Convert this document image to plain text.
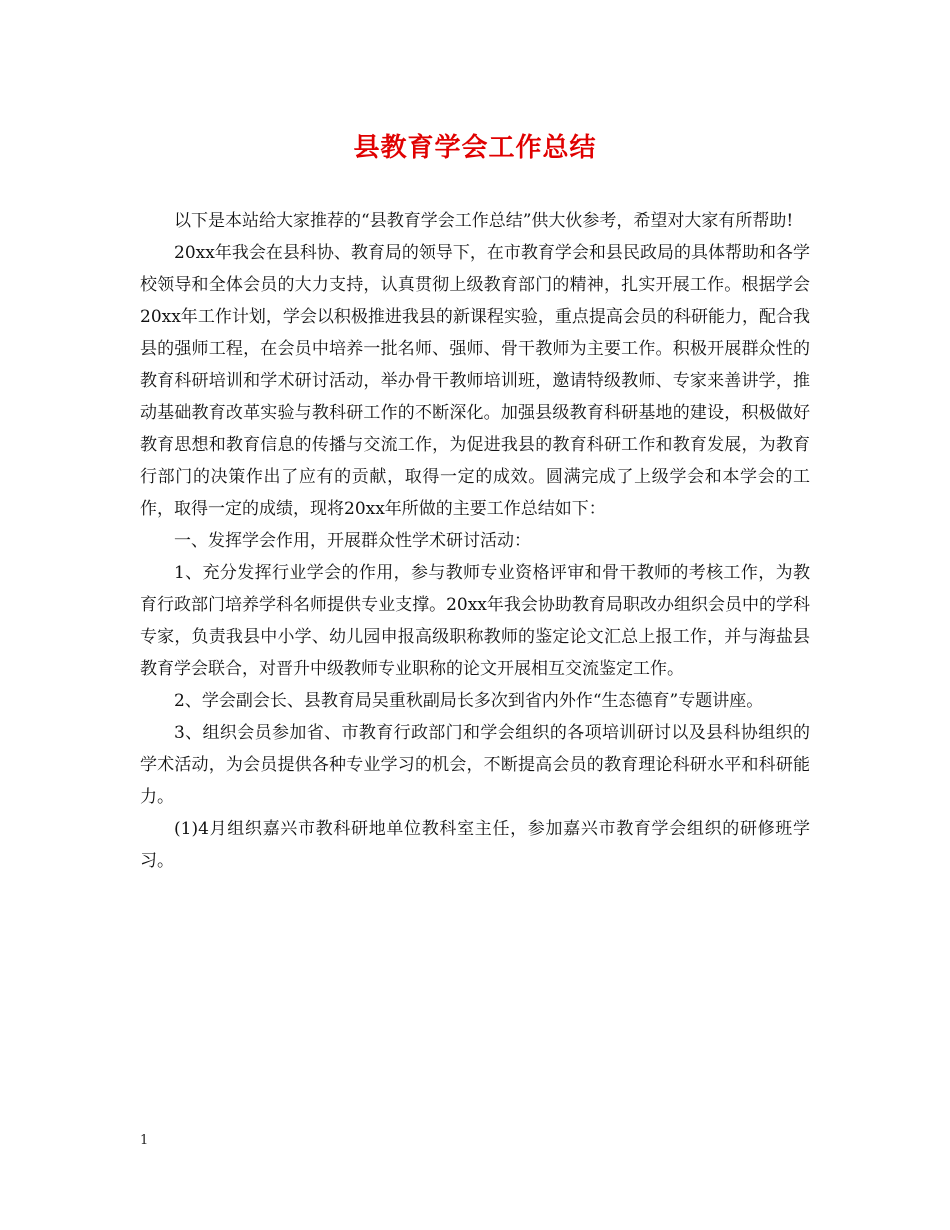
县教育学会工作总结

以下是本站给大家推荐的“县教育学会工作总结”供大伙参考，希望对大家有所帮助!

20xx年我会在县科协、教育局的领导下，在市教育学会和县民政局的具体帮助和各学校领导和全体会员的大力支持，认真贯彻上级教育部门的精神，扎实开展工作。根据学会20xx年工作计划，学会以积极推进我县的新课程实验，重点提高会员的科研能力，配合我县的强师工程，在会员中培养一批名师、强师、骨干教师为主要工作。积极开展群众性的教育科研培训和学术研讨活动，举办骨干教师培训班，邀请特级教师、专家来善讲学，推动基础教育改革实验与教科研工作的不断深化。加强县级教育科研基地的建设，积极做好教育思想和教育信息的传播与交流工作，为促进我县的教育科研工作和教育发展，为教育行部门的决策作出了应有的贡献，取得一定的成效。圆满完成了上级学会和本学会的工作，取得一定的成绩，现将20xx年所做的主要工作总结如下：

一、发挥学会作用，开展群众性学术研讨活动：

1、充分发挥行业学会的作用，参与教师专业资格评审和骨干教师的考核工作，为教育行政部门培养学科名师提供专业支撑。20xx年我会协助教育局职改办组织会员中的学科专家，负责我县中小学、幼儿园申报高级职称教师的鉴定论文汇总上报工作，并与海盐县教育学会联合，对晋升中级教师专业职称的论文开展相互交流鉴定工作。

2、学会副会长、县教育局吴重秋副局长多次到省内外作“生态德育”专题讲座。

3、组织会员参加省、市教育行政部门和学会组织的各项培训研讨以及县科协组织的学术活动，为会员提供各种专业学习的机会，不断提高会员的教育理论科研水平和科研能力。

(1)4月组织嘉兴市教科研地单位教科室主任，参加嘉兴市教育学会组织的研修班学习。

1
